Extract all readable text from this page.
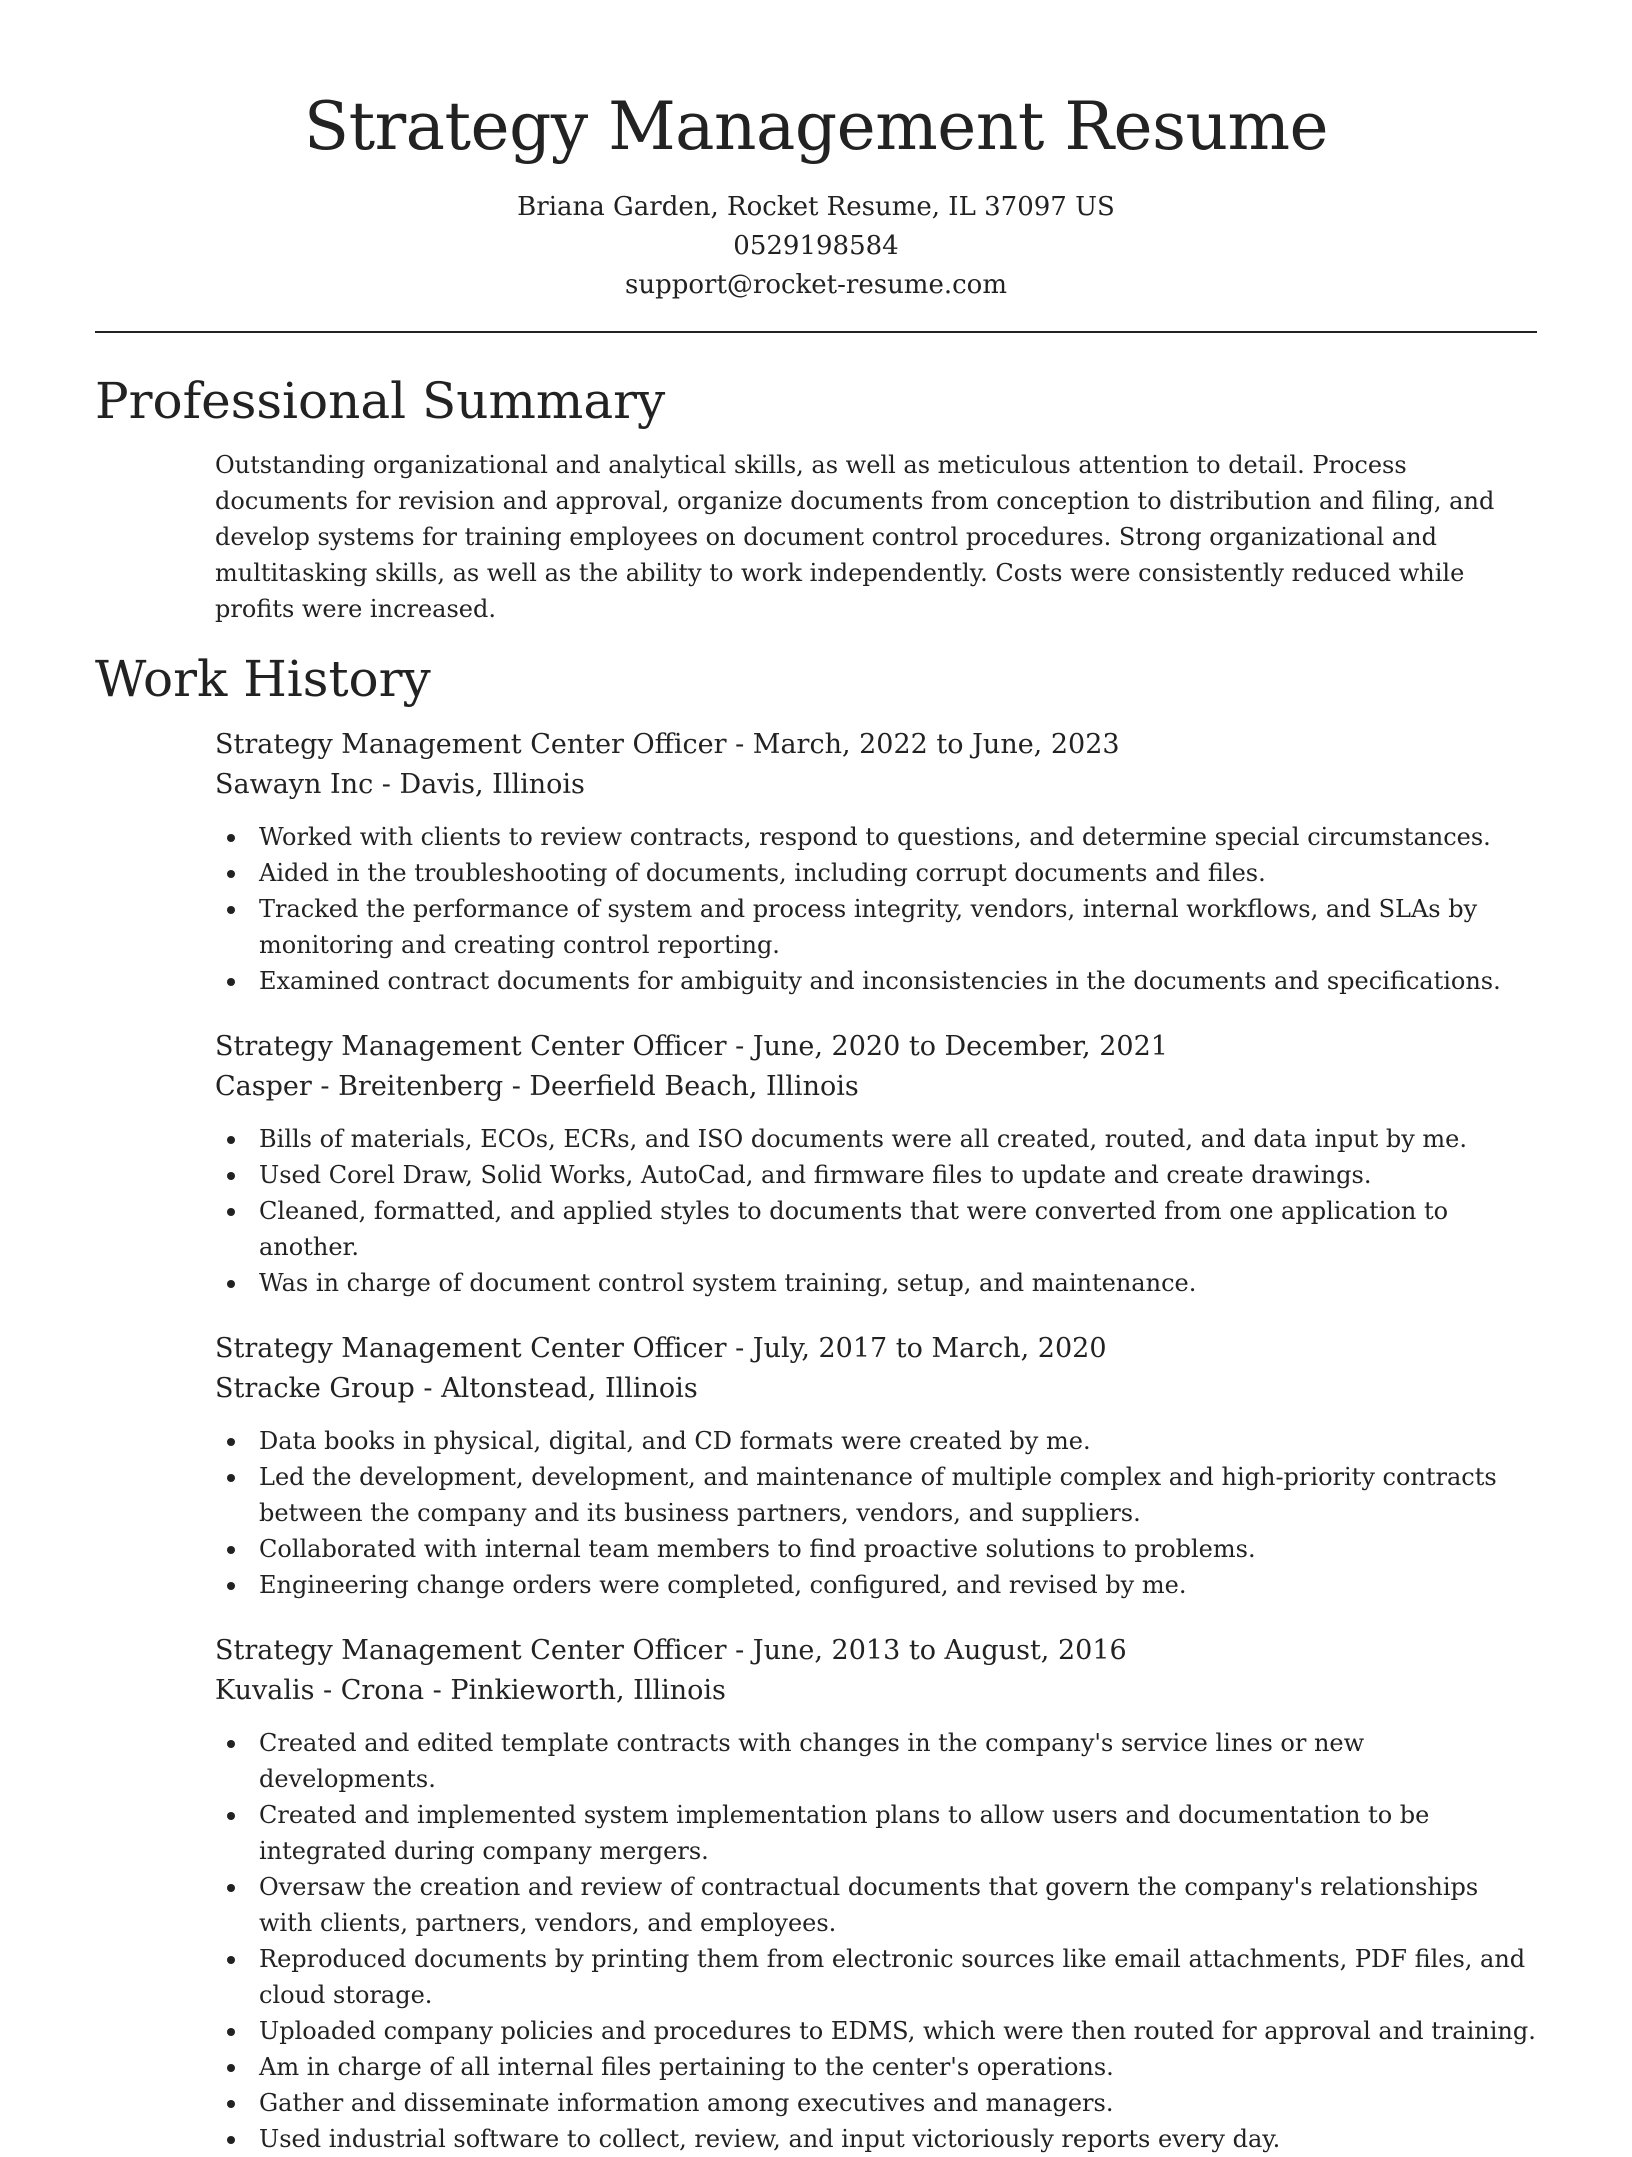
Strategy Management Resume
Briana Garden, Rocket Resume, IL 37097 US
0529198584
support@rocket-resume.com
Professional Summary

Outstanding organizational and analytical skills, as well as meticulous attention to detail. Process documents for revision and approval, organize documents from conception to distribution and filing, and develop systems for training employees on document control procedures. Strong organizational and multitasking skills, as well as the ability to work independently. Costs were consistently reduced while profits were increased.

Work History
Strategy Management Center Officer - March, 2022 to June, 2023
Sawayn Inc - Davis, Illinois
Worked with clients to review contracts, respond to questions, and determine special circumstances.
Aided in the troubleshooting of documents, including corrupt documents and files.
Tracked the performance of system and process integrity, vendors, internal workflows, and SLAs by monitoring and creating control reporting.
Examined contract documents for ambiguity and inconsistencies in the documents and specifications.
Strategy Management Center Officer - June, 2020 to December, 2021
Casper - Breitenberg - Deerfield Beach, Illinois
Bills of materials, ECOs, ECRs, and ISO documents were all created, routed, and data input by me.
Used Corel Draw, Solid Works, AutoCad, and firmware files to update and create drawings.
Cleaned, formatted, and applied styles to documents that were converted from one application to another.
Was in charge of document control system training, setup, and maintenance.
Strategy Management Center Officer - July, 2017 to March, 2020
Stracke Group - Altonstead, Illinois
Data books in physical, digital, and CD formats were created by me.
Led the development, development, and maintenance of multiple complex and high-priority contracts between the company and its business partners, vendors, and suppliers.
Collaborated with internal team members to find proactive solutions to problems.
Engineering change orders were completed, configured, and revised by me.
Strategy Management Center Officer - June, 2013 to August, 2016
Kuvalis - Crona - Pinkieworth, Illinois
Created and edited template contracts with changes in the company's service lines or new developments.
Created and implemented system implementation plans to allow users and documentation to be integrated during company mergers.
Oversaw the creation and review of contractual documents that govern the company's relationships with clients, partners, vendors, and employees.
Reproduced documents by printing them from electronic sources like email attachments, PDF files, and cloud storage.
Uploaded company policies and procedures to EDMS, which were then routed for approval and training.
Am in charge of all internal files pertaining to the center's operations.
Gather and disseminate information among executives and managers.
Used industrial software to collect, review, and input victoriously reports every day.
